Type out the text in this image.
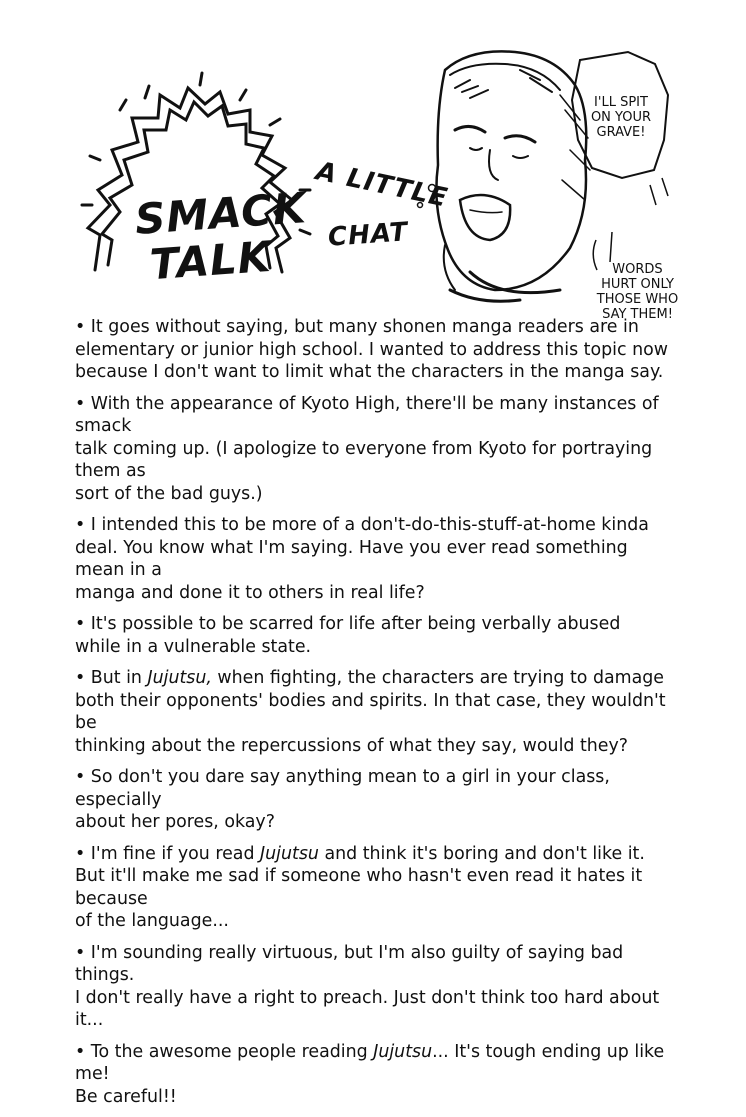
SMACK
TALK
A LITTLE
CHAT
I'LL SPIT
ON YOUR
GRAVE!
WORDS
HURT ONLY
THOSE WHO
SAY THEM!
• It goes without saying, but many shonen manga readers are in
elementary or junior high school. I wanted to address this topic now
because I don't want to limit what the characters in the manga say.
• With the appearance of Kyoto High, there'll be many instances of smack
talk coming up. (I apologize to everyone from Kyoto for portraying them as
sort of the bad guys.)
• I intended this to be more of a don't-do-this-stuff-at-home kinda
deal. You know what I'm saying. Have you ever read something mean in a
manga and done it to others in real life?
• It's possible to be scarred for life after being verbally abused
while in a vulnerable state.
• But in Jujutsu, when fighting, the characters are trying to damage
both their opponents' bodies and spirits. In that case, they wouldn't be
thinking about the repercussions of what they say, would they?
• So don't you dare say anything mean to a girl in your class, especially
about her pores, okay?
• I'm fine if you read Jujutsu and think it's boring and don't like it.
But it'll make me sad if someone who hasn't even read it hates it because
of the language...
• I'm sounding really virtuous, but I'm also guilty of saying bad things.
I don't really have a right to preach. Just don't think too hard about it...
• To the awesome people reading Jujutsu... It's tough ending up like me!
Be careful!!
